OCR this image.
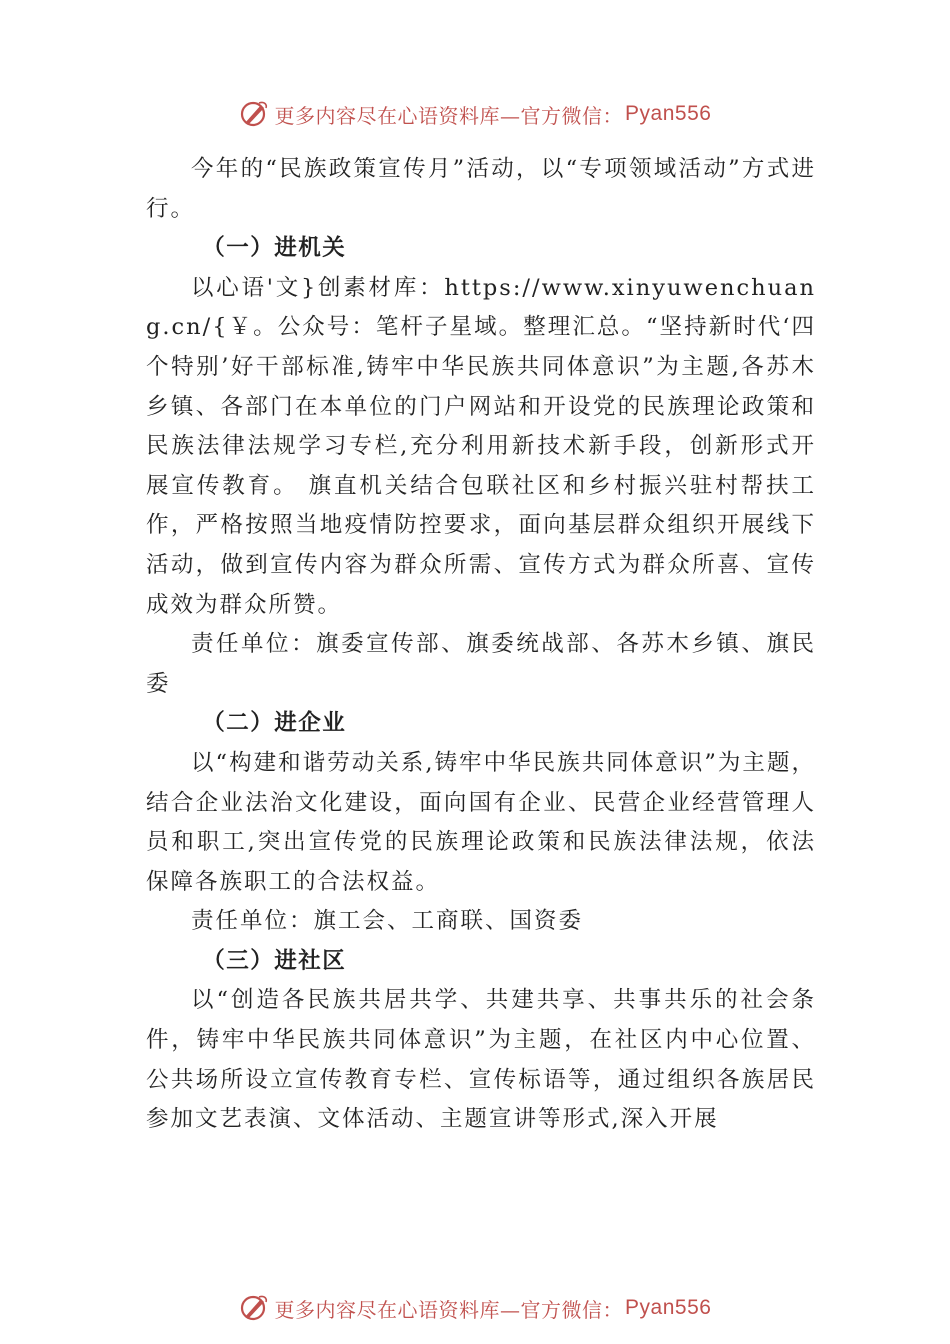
更多内容尽在心语资料库—官方微信： Pyan556

今年的“民族政策宣传月”活动，以“专项领域活动”方式进行。

（一）进机关

以心语'文}创素材库：https://www.xinyuwenchuang.cn/{￥。公众号：笔杆子星域。整理汇总。“坚持新时代‘四个特别’好干部标准,铸牢中华民族共同体意识”为主题,各苏木乡镇、各部门在本单位的门户网站和开设党的民族理论政策和民族法律法规学习专栏,充分利用新技术新手段，创新形式开展宣传教育。 旗直机关结合包联社区和乡村振兴驻村帮扶工作，严格按照当地疫情防控要求，面向基层群众组织开展线下活动，做到宣传内容为群众所需、宣传方式为群众所喜、宣传成效为群众所赞。

责任单位：旗委宣传部、旗委统战部、各苏木乡镇、旗民委

（二）进企业

以“构建和谐劳动关系,铸牢中华民族共同体意识”为主题，结合企业法治文化建设，面向国有企业、民营企业经营管理人员和职工,突出宣传党的民族理论政策和民族法律法规，依法保障各族职工的合法权益。

责任单位：旗工会、工商联、国资委

（三）进社区

以“创造各民族共居共学、共建共享、共事共乐的社会条件，铸牢中华民族共同体意识”为主题，在社区内中心位置、公共场所设立宣传教育专栏、宣传标语等，通过组织各族居民参加文艺表演、文体活动、主题宣讲等形式,深入开展

更多内容尽在心语资料库—官方微信： Pyan556
